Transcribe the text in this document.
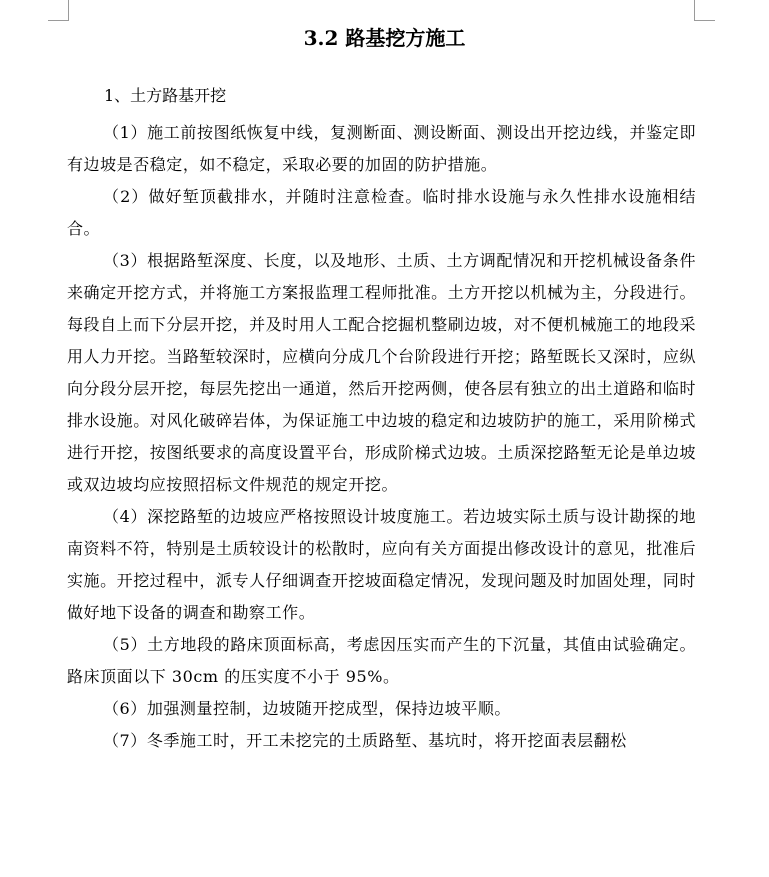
3.2 路基挖方施工
1、土方路基开挖

（1）施工前按图纸恢复中线，复测断面、测设断面、测设出开挖边线，并鉴定即有边坡是否稳定，如不稳定，采取必要的加固的防护措施。

（2）做好堑顶截排水，并随时注意检查。临时排水设施与永久性排水设施相结合。

（3）根据路堑深度、长度，以及地形、土质、土方调配情况和开挖机械设备条件来确定开挖方式，并将施工方案报监理工程师批准。土方开挖以机械为主，分段进行。每段自上而下分层开挖，并及时用人工配合挖掘机整刷边坡，对不便机械施工的地段采用人力开挖。当路堑较深时，应横向分成几个台阶段进行开挖；路堑既长又深时，应纵向分段分层开挖，每层先挖出一通道，然后开挖两侧，使各层有独立的出土道路和临时排水设施。对风化破碎岩体，为保证施工中边坡的稳定和边坡防护的施工，采用阶梯式进行开挖，按图纸要求的高度设置平台，形成阶梯式边坡。土质深挖路堑无论是单边坡或双边坡均应按照招标文件规范的规定开挖。

（4）深挖路堑的边坡应严格按照设计坡度施工。若边坡实际土质与设计勘探的地南资料不符，特别是土质较设计的松散时，应向有关方面提出修改设计的意见，批准后实施。开挖过程中，派专人仔细调查开挖坡面稳定情况，发现问题及时加固处理，同时做好地下设备的调查和勘察工作。

（5）土方地段的路床顶面标高，考虑因压实而产生的下沉量，其值由试验确定。路床顶面以下 30cm 的压实度不小于 95%。

（6）加强测量控制，边坡随开挖成型，保持边坡平顺。

（7）冬季施工时，开工未挖完的土质路堑、基坑时，将开挖面表层翻松
